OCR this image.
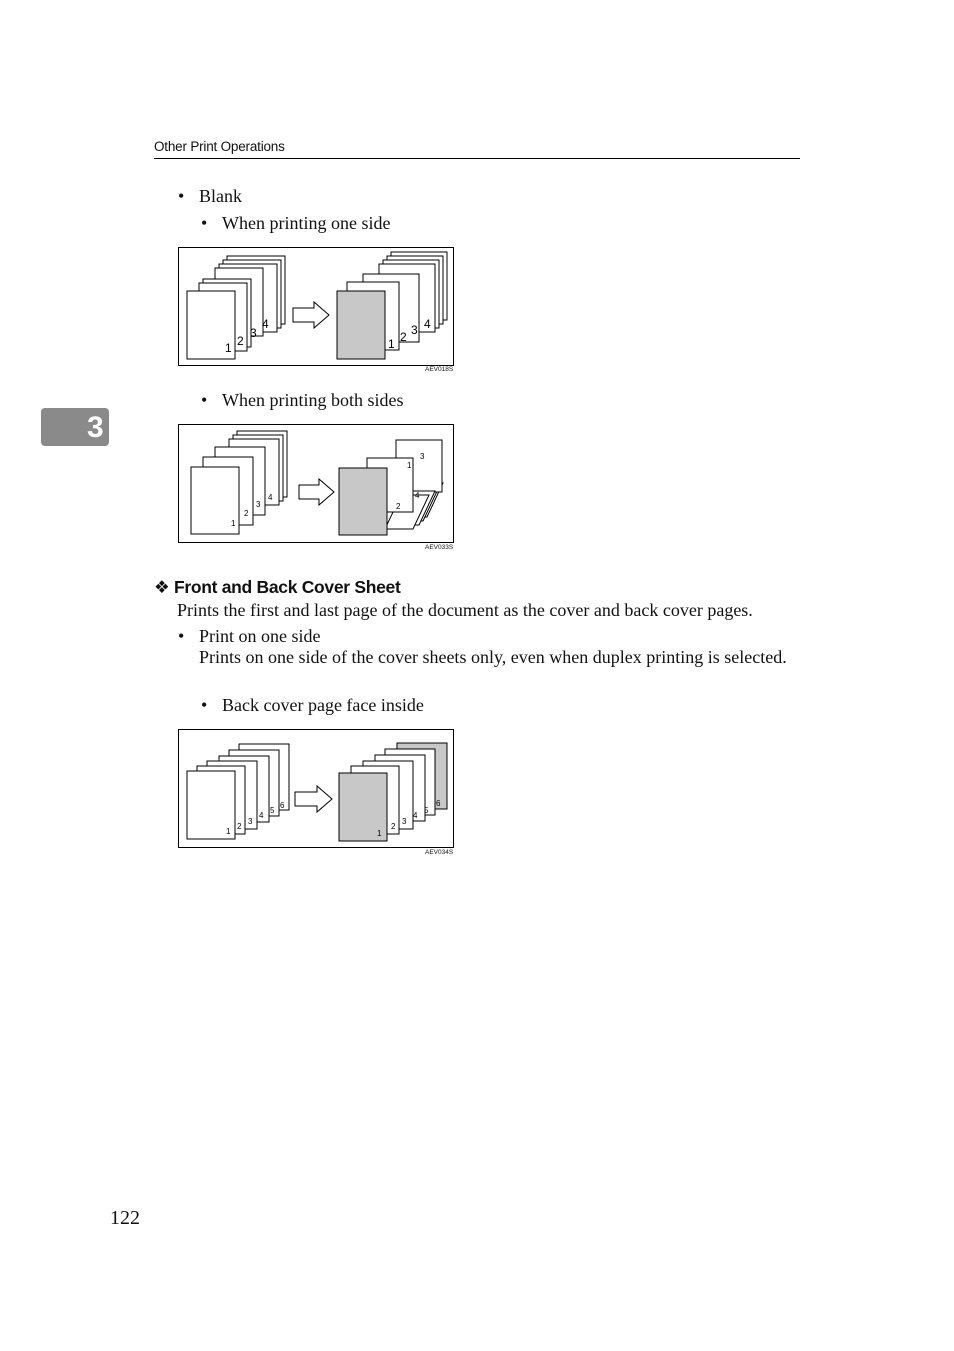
Other Print Operations
3
• Blank
• When printing one side
1 2
3
4
1 2 3 4
AEV018S
• When printing both sides
1
2
3
4
1
2
3
4
AEV033S
❖ Front and Back Cover Sheet
Prints the first and last page of the document as the cover and back cover pages.
• Print on one side
Prints on one side of the cover sheets only, even when duplex printing is selected.
• Back cover page face inside
1
2
3
4
5
6
1
2
3
4
5
6
AEV034S
122
